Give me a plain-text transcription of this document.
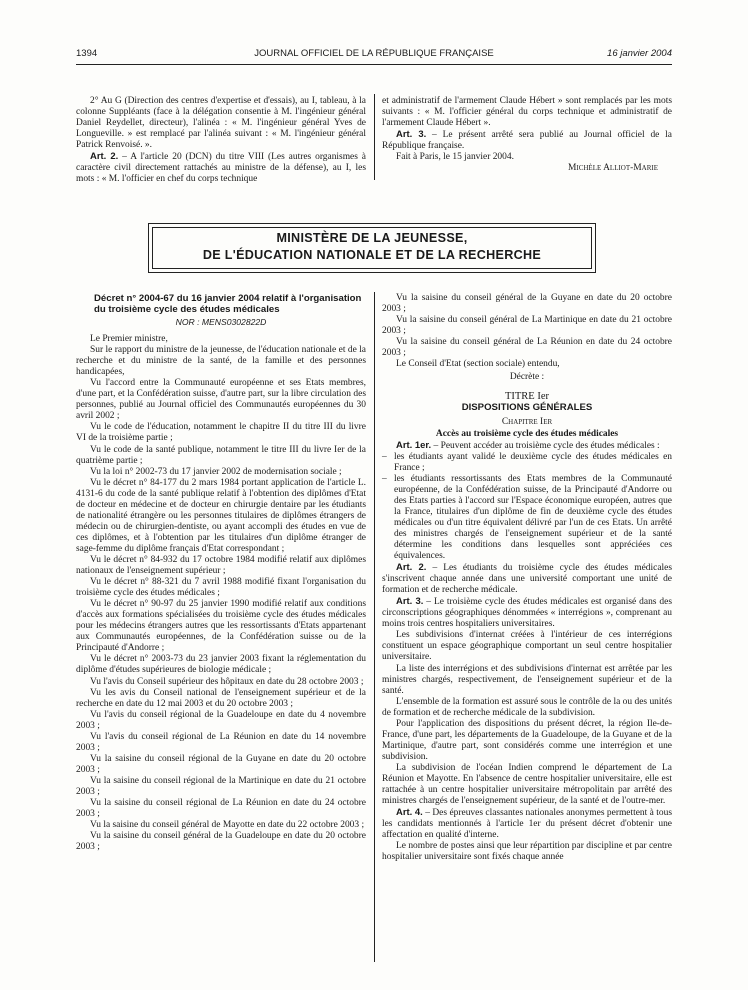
1394	JOURNAL OFFICIEL DE LA RÉPUBLIQUE FRANÇAISE	16 janvier 2004

2° Au G (Direction des centres d'expertise et d'essais), au I, tableau, à la colonne Suppléants (face à la délégation consentie à M. l'ingénieur général Daniel Reydellet, directeur), l'alinéa : « M. l'ingénieur général Yves de Longueville. » est remplacé par l'alinéa suivant : « M. l'ingénieur général Patrick Renvoisé. ».

Art. 2. – A l'article 20 (DCN) du titre VIII (Les autres organismes à caractère civil directement rattachés au ministre de la défense), au I, les mots : « M. l'officier en chef du corps technique

et administratif de l'armement Claude Hébert » sont remplacés par les mots suivants : « M. l'officier général du corps technique et administratif de l'armement Claude Hébert ».

Art. 3. – Le présent arrêté sera publié au Journal officiel de la République française.

Fait à Paris, le 15 janvier 2004.

Michèle Alliot-Marie

MINISTÈRE DE LA JEUNESSE,
DE L'ÉDUCATION NATIONALE ET DE LA RECHERCHE
Décret n° 2004-67 du 16 janvier 2004 relatif à l'organisation du troisième cycle des études médicales
NOR : MENS0302822D

Le Premier ministre,

Sur le rapport du ministre de la jeunesse, de l'éducation nationale et de la recherche et du ministre de la santé, de la famille et des personnes handicapées,

Vu l'accord entre la Communauté européenne et ses Etats membres, d'une part, et la Confédération suisse, d'autre part, sur la libre circulation des personnes, publié au Journal officiel des Communautés européennes du 30 avril 2002 ;

Vu le code de l'éducation, notamment le chapitre II du titre III du livre VI de la troisième partie ;

Vu le code de la santé publique, notamment le titre III du livre Ier de la quatrième partie ;

Vu la loi n° 2002-73 du 17 janvier 2002 de modernisation sociale ;

Vu le décret n° 84-177 du 2 mars 1984 portant application de l'article L. 4131-6 du code de la santé publique relatif à l'obtention des diplômes d'Etat de docteur en médecine et de docteur en chirurgie dentaire par les étudiants de nationalité étrangère ou les personnes titulaires de diplômes étrangers de médecin ou de chirurgien-dentiste, ou ayant accompli des études en vue de ces diplômes, et à l'obtention par les titulaires d'un diplôme étranger de sage-femme du diplôme français d'Etat correspondant ;

Vu le décret n° 84-932 du 17 octobre 1984 modifié relatif aux diplômes nationaux de l'enseignement supérieur ;

Vu le décret n° 88-321 du 7 avril 1988 modifié fixant l'organisation du troisième cycle des études médicales ;

Vu le décret n° 90-97 du 25 janvier 1990 modifié relatif aux conditions d'accès aux formations spécialisées du troisième cycle des études médicales pour les médecins étrangers autres que les ressortissants d'Etats appartenant aux Communautés européennes, de la Confédération suisse ou de la Principauté d'Andorre ;

Vu le décret n° 2003-73 du 23 janvier 2003 fixant la réglementation du diplôme d'études supérieures de biologie médicale ;

Vu l'avis du Conseil supérieur des hôpitaux en date du 28 octobre 2003 ;

Vu les avis du Conseil national de l'enseignement supérieur et de la recherche en date du 12 mai 2003 et du 20 octobre 2003 ;

Vu l'avis du conseil régional de la Guadeloupe en date du 4 novembre 2003 ;

Vu l'avis du conseil régional de La Réunion en date du 14 novembre 2003 ;

Vu la saisine du conseil régional de la Guyane en date du 20 octobre 2003 ;

Vu la saisine du conseil régional de la Martinique en date du 21 octobre 2003 ;

Vu la saisine du conseil régional de La Réunion en date du 24 octobre 2003 ;

Vu la saisine du conseil général de Mayotte en date du 22 octobre 2003 ;

Vu la saisine du conseil général de la Guadeloupe en date du 20 octobre 2003 ;

Vu la saisine du conseil général de la Guyane en date du 20 octobre 2003 ;

Vu la saisine du conseil général de La Martinique en date du 21 octobre 2003 ;

Vu la saisine du conseil général de La Réunion en date du 24 octobre 2003 ;

Le Conseil d'Etat (section sociale) entendu,

Décrète :

TITRE Ier

DISPOSITIONS GÉNÉRALES

Chapitre Ier

Accès au troisième cycle des études médicales

Art. 1er. – Peuvent accéder au troisième cycle des études médicales :

– les étudiants ayant validé le deuxième cycle des études médicales en France ;
– les étudiants ressortissants des Etats membres de la Communauté européenne, de la Confédération suisse, de la Principauté d'Andorre ou des Etats parties à l'accord sur l'Espace économique européen, autres que la France, titulaires d'un diplôme de fin de deuxième cycle des études médicales ou d'un titre équivalent délivré par l'un de ces Etats. Un arrêté des ministres chargés de l'enseignement supérieur et de la santé détermine les conditions dans lesquelles sont appréciées ces équivalences.

Art. 2. – Les étudiants du troisième cycle des études médicales s'inscrivent chaque année dans une université comportant une unité de formation et de recherche médicale.

Art. 3. – Le troisième cycle des études médicales est organisé dans des circonscriptions géographiques dénommées « interrégions », comprenant au moins trois centres hospitaliers universitaires.

Les subdivisions d'internat créées à l'intérieur de ces interrégions constituent un espace géographique comportant un seul centre hospitalier universitaire.

La liste des interrégions et des subdivisions d'internat est arrêtée par les ministres chargés, respectivement, de l'enseignement supérieur et de la santé.

L'ensemble de la formation est assuré sous le contrôle de la ou des unités de formation et de recherche médicale de la subdivision.

Pour l'application des dispositions du présent décret, la région Ile-de-France, d'une part, les départements de la Guadeloupe, de la Guyane et de la Martinique, d'autre part, sont considérés comme une interrégion et une subdivision.

La subdivision de l'océan Indien comprend le département de La Réunion et Mayotte. En l'absence de centre hospitalier universitaire, elle est rattachée à un centre hospitalier universitaire métropolitain par arrêté des ministres chargés de l'enseignement supérieur, de la santé et de l'outre-mer.

Art. 4. – Des épreuves classantes nationales anonymes permettent à tous les candidats mentionnés à l'article 1er du présent décret d'obtenir une affectation en qualité d'interne.

Le nombre de postes ainsi que leur répartition par discipline et par centre hospitalier universitaire sont fixés chaque année
